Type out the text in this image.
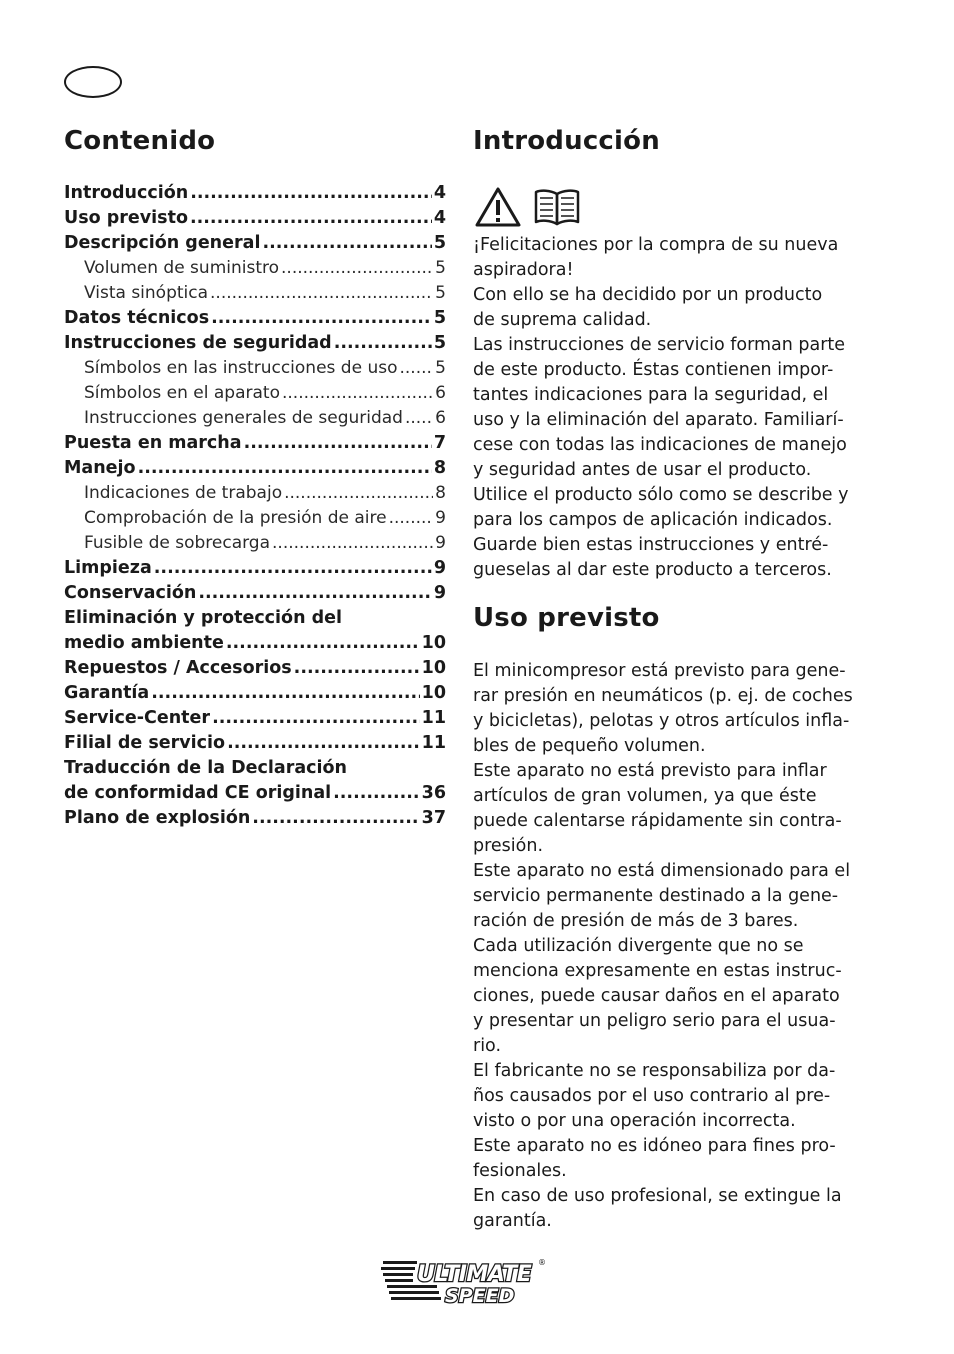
Contenido
Introducción .....	4
Uso previsto .....	4
Descripción general .....	5
Volumen de suministro .....	5
Vista sinóptica .....	5
Datos técnicos .....	5
Instrucciones de seguridad .....	5
Símbolos en las instrucciones de uso ..... 5
Símbolos en el aparato .....	6
Instrucciones generales de seguridad ..... 6
Puesta en marcha .....	7
Manejo .....	8
Indicaciones de trabajo .....	8
Comprobación de la presión de aire .....	9
Fusible de sobrecarga .....	9
Limpieza .....	9
Conservación .....	9
Eliminación y protección del
medio ambiente .....	10
Repuestos / Accesorios .....	10
Garantía .....	10
Service-Center .....	11
Filial de servicio .....	11
Traducción de la Declaración
de conformidad CE original .....	36
Plano de explosión .....	37
Introducción

¡Felicitaciones por la compra de su nueva

aspiradora!

Con ello se ha decidido por un producto

de suprema calidad.

Las instrucciones de servicio forman parte

de este producto. Éstas contienen impor-

tantes indicaciones para la seguridad, el

uso y la eliminación del aparato. Familiarí-

cese con todas las indicaciones de manejo

y seguridad antes de usar el producto.

Utilice el producto sólo como se describe y

para los campos de aplicación indicados.

Guarde bien estas instrucciones y entré-

gueselas al dar este producto a terceros.

Uso previsto

El minicompresor está previsto para gene-

rar presión en neumáticos (p. ej. de coches

y bicicletas), pelotas y otros artículos infla-

bles de pequeño volumen.

Este aparato no está previsto para inflar

artículos de gran volumen, ya que éste

puede calentarse rápidamente sin contra-

presión.

Este aparato no está dimensionado para el

servicio permanente destinado a la gene-

ración de presión de más de 3 bares.

Cada utilización divergente que no se

menciona expresamente en estas instruc-

ciones, puede causar daños en el aparato

y presentar un peligro serio para el usua-

rio.

El fabricante no se responsabiliza por da-

ños causados por el uso contrario al pre-

visto o por una operación incorrecta.

Este aparato no es idóneo para fines pro-

fesionales.

En caso de uso profesional, se extingue la

garantía.

ULTIMATE
SPEED
®
